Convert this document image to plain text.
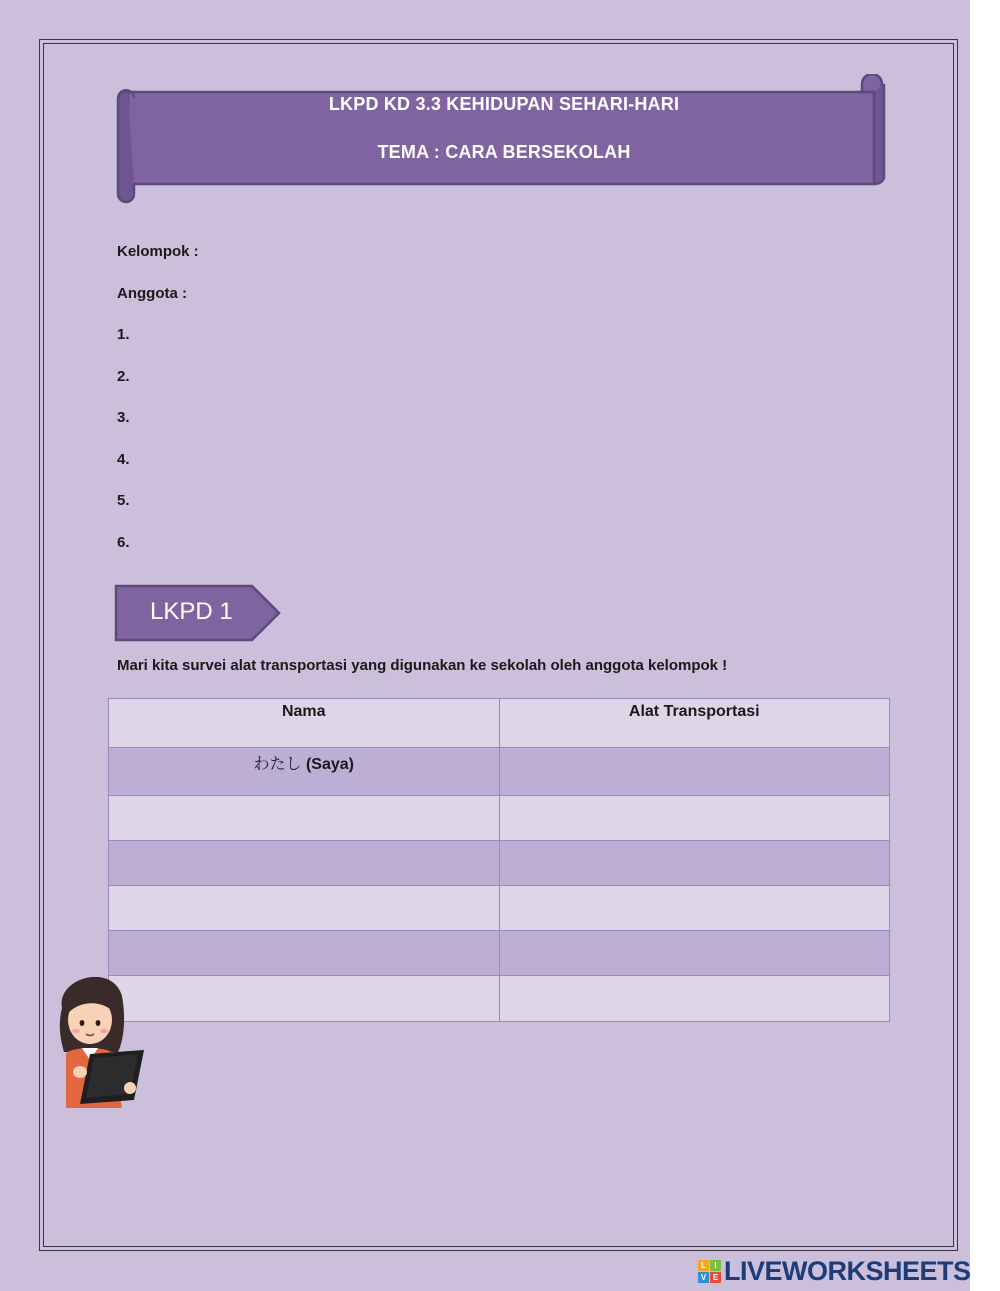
LKPD KD 3.3 KEHIDUPAN SEHARI-HARI
TEMA : CARA BERSEKOLAH
Kelompok :
Anggota :
1.
2.
3.
4.
5.
6.
LKPD 1
Mari kita survei alat transportasi yang digunakan ke sekolah oleh anggota kelompok !
Nama	Alat Transportasi
わたし (Saya)	

L	I
V E LIVEWORKSHEETS
